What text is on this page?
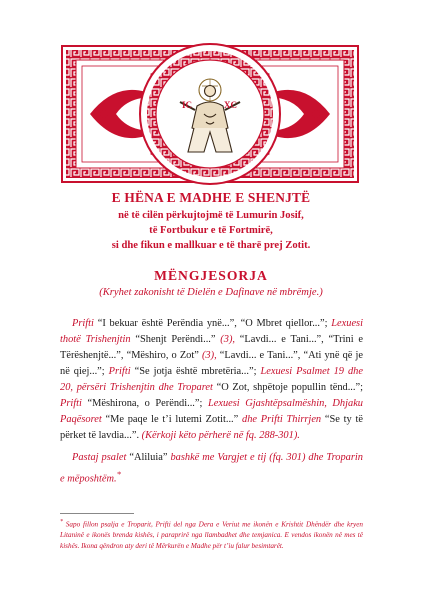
IC	XC
E HËNA E MADHE E SHENJTË
në të cilën përkujtojmë të Lumurin Josif,
të Fortbukur e të Fortmirë,
si dhe fikun e mallkuar e të tharë prej Zotit.
MËNGJESORJA
(Kryhet zakonisht të Dielën e Dafinave në mbrëmje.)

Prifti “I bekuar është Perëndia ynë...”, “O Mbret qiellor...”; Lexuesi thotë Trishenjtin “Shenjt Perëndi...” (3), “Lavdi... e Tani...”, “Trini e Tërëshenjtë...”, “Mëshiro, o Zot” (3), “Lavdi... e Tani...”, “Ati ynë që je në qiej...”; Prifti “Se jotja është mbretëria...”; Lexuesi Psalmet 19 dhe 20, përsëri Trishenjtin dhe Troparet “O Zot, shpëtoje popullin tënd...”; Prifti “Mëshirona, o Perëndi...”; Lexuesi Gjashtëpsalmëshin, Dhjaku Paqësoret “Me paqe le t’i lutemi Zotit...” dhe Prifti Thirrjen “Se ty të përket të lavdia...”. (Kërkoji këto përherë në fq. 288-301).

Pastaj psalet “Aliluia” bashkë me Vargjet e tij (fq. 301) dhe Troparin e mëposhtëm.*

* Sapo fillon psalja e Troparit, Prifti del nga Dera e Veriut me ikonën e Krishtit Dhëndër dhe kryen Litaninë e ikonës brenda kishës, i paraprirë nga llambadhet dhe temjanica. E vendos ikonën në mes të kishës. Ikona qëndron aty deri të Mërkurën e Madhe për t’iu falur besimtarët.
